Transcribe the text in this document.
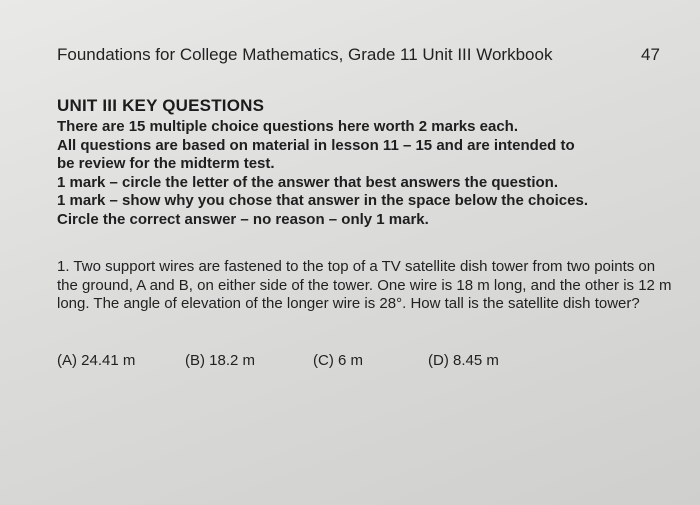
Foundations for College Mathematics, Grade 11 Unit III Workbook	47
UNIT III KEY QUESTIONS
There are 15 multiple choice questions here worth 2 marks each.
All questions are based on material in lesson 11 – 15 and are intended to
be review for the midterm test.
1 mark – circle the letter of the answer that best answers the question.
1 mark – show why you chose that answer in the space below the choices.
Circle the correct answer – no reason – only 1 mark.
1. Two support wires are fastened to the top of a TV satellite dish tower from two points on the ground, A and B, on either side of the tower. One wire is 18 m long, and the other is 12 m long. The angle of elevation of the longer wire is 28°. How tall is the satellite dish tower?
(A) 24.41 m	(B) 18.2 m	(C) 6 m	(D) 8.45 m
